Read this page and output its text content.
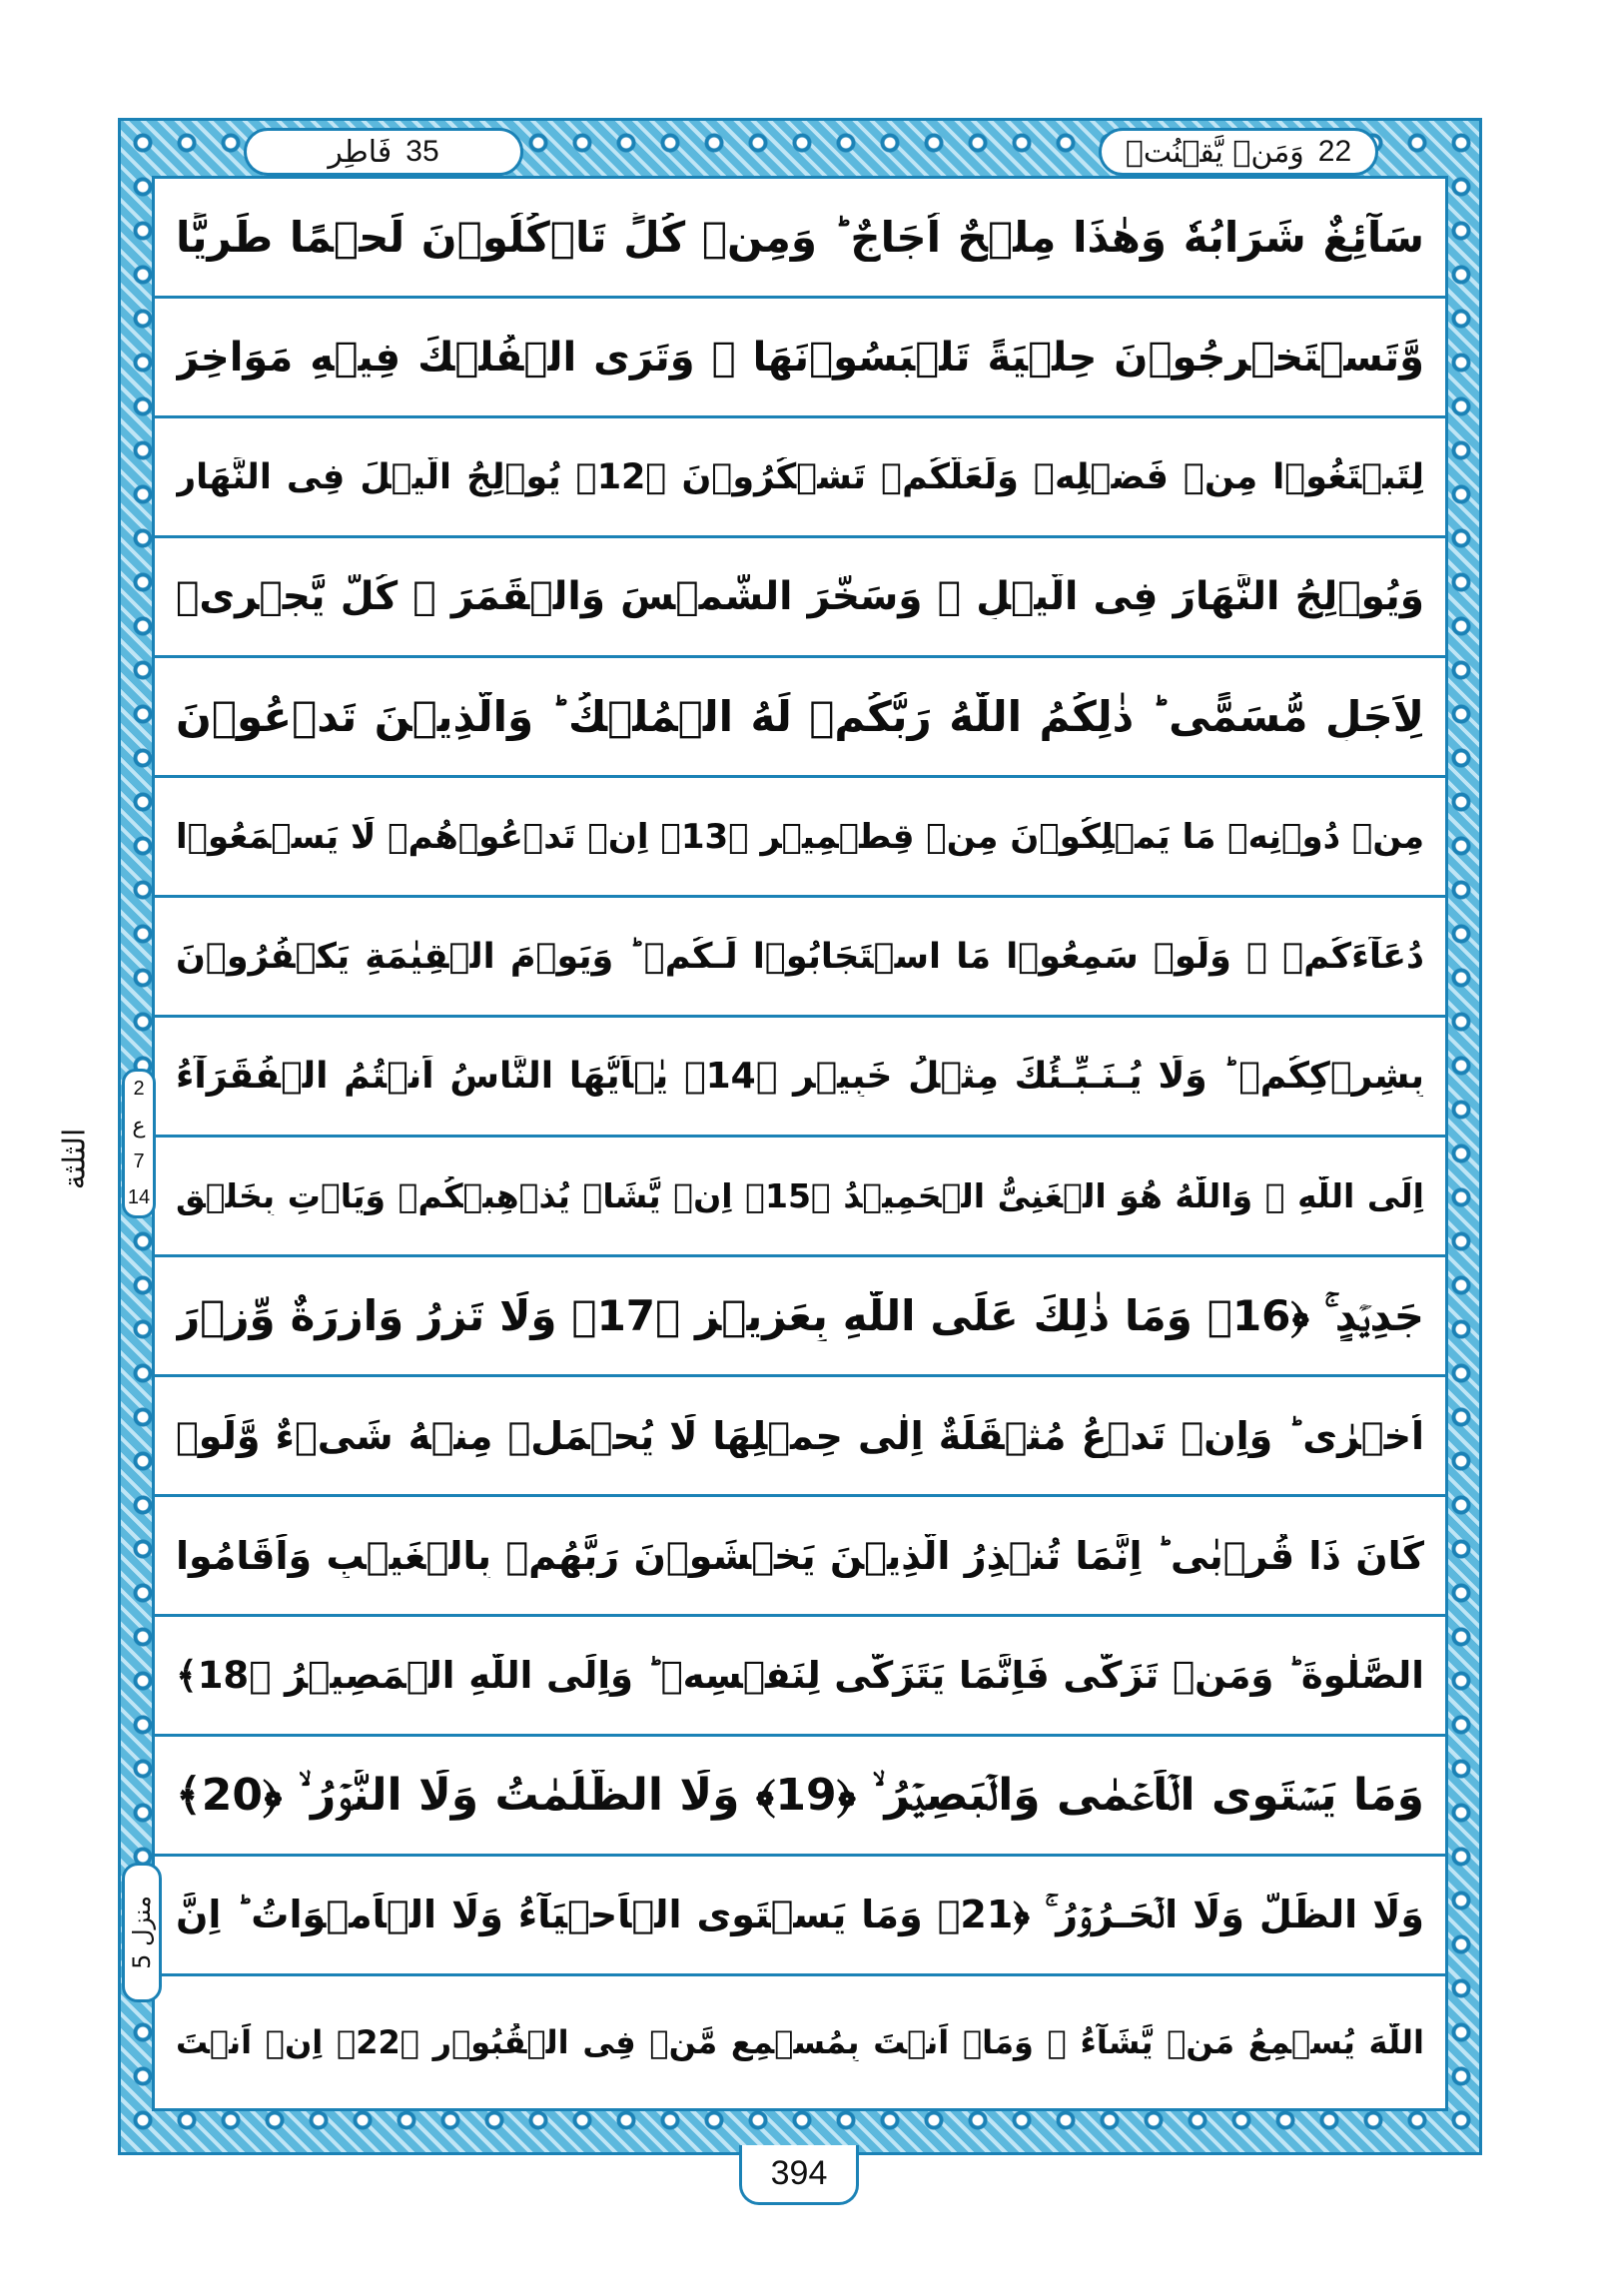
وَمَنۡ يَّقۡنُتۡ 22
فَاطِر 35
سَآئِغٌ شَرَابُهٗ وَهٰذَا مِلۡحٌ اُجَاجٌ ؕ وَمِنۡ كُلٍّ تَاۡكُلُوۡنَ لَحۡمًا طَرِيًّا
وَّتَسۡتَخۡرِجُوۡنَ حِلۡيَةً تَلۡبَسُوۡنَهَا ۚ وَتَرَى الۡفُلۡكَ فِيۡهِ مَوَاخِرَ
لِتَبۡتَغُوۡا مِنۡ فَضۡلِهٖ وَلَعَلَّكُمۡ تَشۡكُرُوۡنَ ﴿12﴾ يُوۡلِجُ الَّيۡلَ فِى النَّهَارِ
وَيُوۡلِجُ النَّهَارَ فِى الَّيۡلِ ۙ وَسَخَّرَ الشَّمۡسَ وَالۡقَمَرَ ۖ كُلٌّ يَّجۡرِىۡ
لِاَجَلٍ مُّسَمًّى ؕ ذٰلِكُمُ اللّٰهُ رَبُّكُمۡ لَهُ الۡمُلۡكُ ؕ وَالَّذِيۡنَ تَدۡعُوۡنَ
مِنۡ دُوۡنِهٖ مَا يَمۡلِكُوۡنَ مِنۡ قِطۡمِيۡرٍ ﴿13﴾ اِنۡ تَدۡعُوۡهُمۡ لَا يَسۡمَعُوۡا
دُعَآءَكُمۡ ۚ وَلَوۡ سَمِعُوۡا مَا اسۡتَجَابُوۡا لَـكُمۡ ؕ وَيَوۡمَ الۡقِيٰمَةِ يَكۡفُرُوۡنَ
بِشِرۡكِكُمۡ ؕ وَلَا يُـنَـبِّـئُكَ مِثۡلُ خَبِيۡرٍ ﴿14﴾ يٰۤاَيُّهَا النَّاسُ اَنۡتُمُ الۡفُقَرَآءُ
اِلَى اللّٰهِ ۚ وَاللّٰهُ هُوَ الۡغَنِىُّ الۡحَمِيۡدُ ﴿15﴾ اِنۡ يَّشَاۡ يُذۡهِبۡكُمۡ وَيَاۡتِ بِخَلۡقٍ
جَدِيۡدٍ ۚ ﴿16﴾ وَمَا ذٰلِكَ عَلَى اللّٰهِ بِعَزِيۡزٍ ﴿17﴾ وَلَا تَزِرُ وَازِرَةٌ وِّزۡرَ
اُخۡرٰى ؕ وَاِنۡ تَدۡعُ مُثۡقَلَةٌ اِلٰى حِمۡلِهَا لَا يُحۡمَلۡ مِنۡهُ شَىۡءٌ وَّلَوۡ
كَانَ ذَا قُرۡبٰى ؕ اِنَّمَا تُنۡذِرُ الَّذِيۡنَ يَخۡشَوۡنَ رَبَّهُمۡ بِالۡغَيۡبِ وَاَقَامُوا
الصَّلٰوةَ ؕ وَمَنۡ تَزَكّٰى فَاِنَّمَا يَتَزَكّٰى لِنَفۡسِهٖ ؕ وَاِلَى اللّٰهِ الۡمَصِيۡرُ ﴿18﴾
وَمَا يَسۡتَوِى الۡاَعۡمٰى وَالۡبَصِيۡرُ ۙ ﴿19﴾ وَلَا الظُّلُمٰتُ وَلَا النُّوۡرُ ۙ ﴿20﴾
وَلَا الظِّلُّ وَلَا الۡحَـرُوۡرُ ۚ ﴿21﴾ وَمَا يَسۡتَوِى الۡاَحۡيَآءُ وَلَا الۡاَمۡوَاتُ ؕ اِنَّ
اللّٰهَ يُسۡمِعُ مَنۡ يَّشَآءُ ۚ وَمَاۤ اَنۡتَ بِمُسۡمِعٍ مَّنۡ فِى الۡقُبُوۡرِ ﴿22﴾ اِنۡ اَنۡتَ
الثلثة
2
ع
7
14
منزل 5
394
